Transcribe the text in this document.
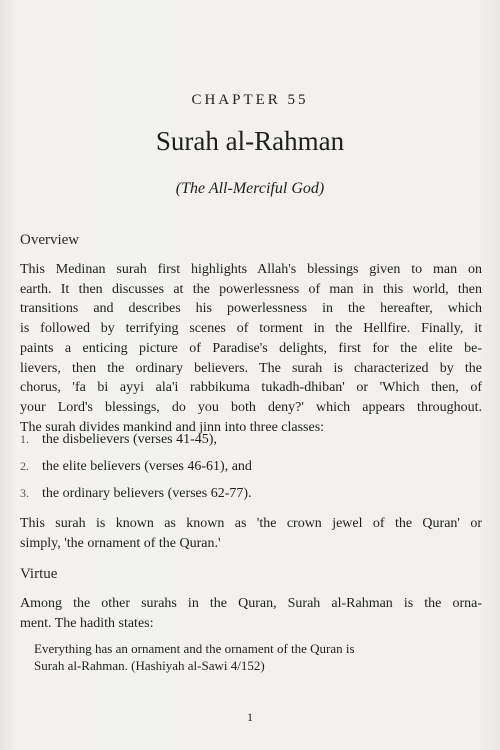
CHAPTER 55
Surah al-Rahman
(The All-Merciful God)
Overview
This Medinan surah first highlights Allah's blessings given to man on
earth. It then discusses at the powerlessness of man in this world, then
transitions and describes his powerlessness in the hereafter, which
is followed by terrifying scenes of torment in the Hellfire. Finally, it
paints a enticing picture of Paradise's delights, first for the elite be-
lievers, then the ordinary believers. The surah is characterized by the
chorus, 'fa bi ayyi ala'i rabbikuma tukadh-dhiban' or 'Which then, of
your Lord's blessings, do you both deny?' which appears throughout.
The surah divides mankind and jinn into three classes:
1. the disbelievers (verses 41-45),
2. the elite believers (verses 46-61), and
3. the ordinary believers (verses 62-77).
This surah is known as known as 'the crown jewel of the Quran' or
simply, 'the ornament of the Quran.'
Virtue
Among the other surahs in the Quran, Surah al-Rahman is the orna-
ment. The hadith states:
Everything has an ornament and the ornament of the Quran is
Surah al-Rahman. (Hashiyah al-Sawi 4/152)
1
